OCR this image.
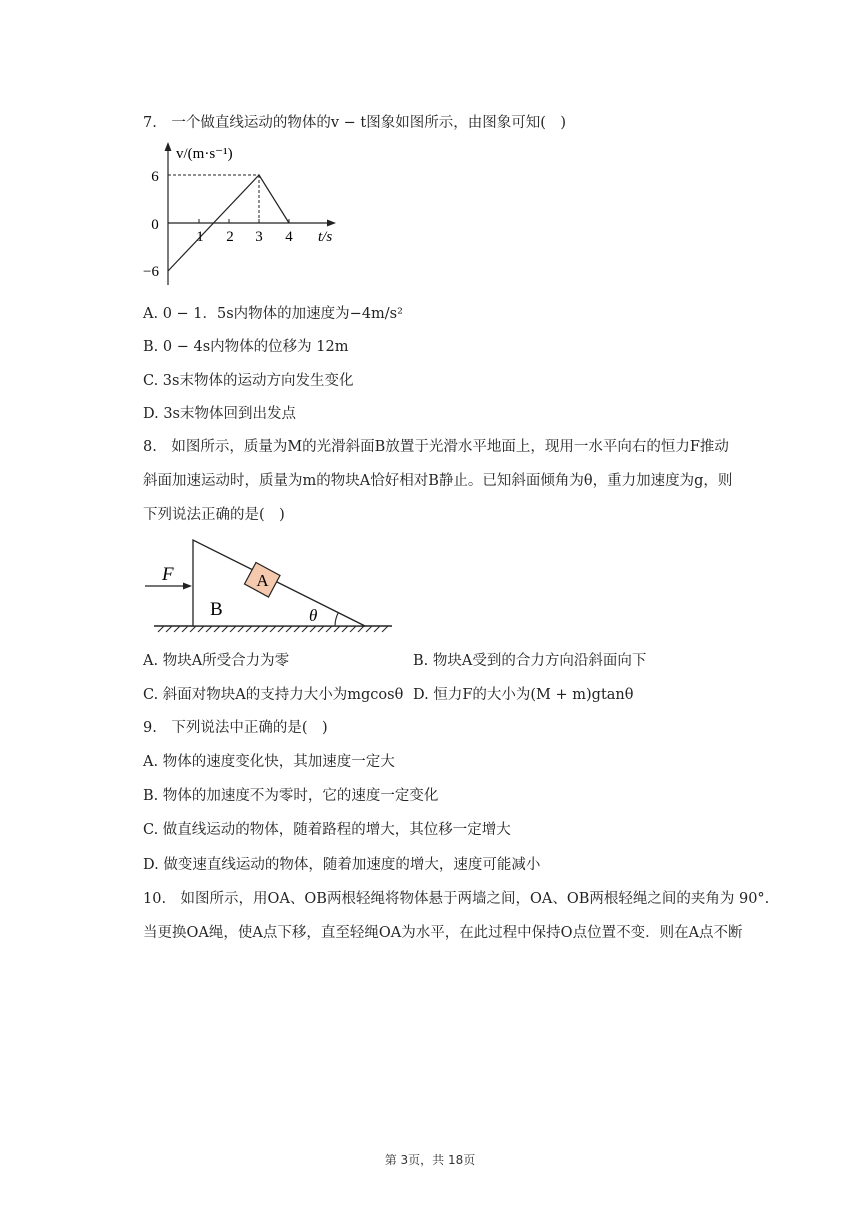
7.　一个做直线运动的物体的v − t图象如图所示，由图象可知(　)
v/(m·s⁻¹)
6
0
−6
1 2 3 4 t/s
A. 0 − 1．5s内物体的加速度为−4m/s²
B. 0 − 4s内物体的位移为 12m
C. 3s末物体的运动方向发生变化
D. 3s末物体回到出发点
8.　如图所示，质量为M的光滑斜面B放置于光滑水平地面上，现用一水平向右的恒力F推动
斜面加速运动时，质量为m的物块A恰好相对B静止。已知斜面倾角为θ，重力加速度为g，则
下列说法正确的是(　)
A
F
B	θ
A. 物块A所受合力为零	B. 物块A受到的合力方向沿斜面向下
C. 斜面对物块A的支持力大小为mgcosθ D. 恒力F的大小为(M + m)gtanθ
9.　下列说法中正确的是(　)
A. 物体的速度变化快，其加速度一定大
B. 物体的加速度不为零时，它的速度一定变化
C. 做直线运动的物体，随着路程的增大，其位移一定增大
D. 做变速直线运动的物体，随着加速度的增大，速度可能减小
10.　如图所示，用OA、OB两根轻绳将物体悬于两墙之间，OA、OB两根轻绳之间的夹角为 90°.
当更换OA绳，使A点下移，直至轻绳OA为水平，在此过程中保持O点位置不变．则在A点不断
第 3页，共 18页
